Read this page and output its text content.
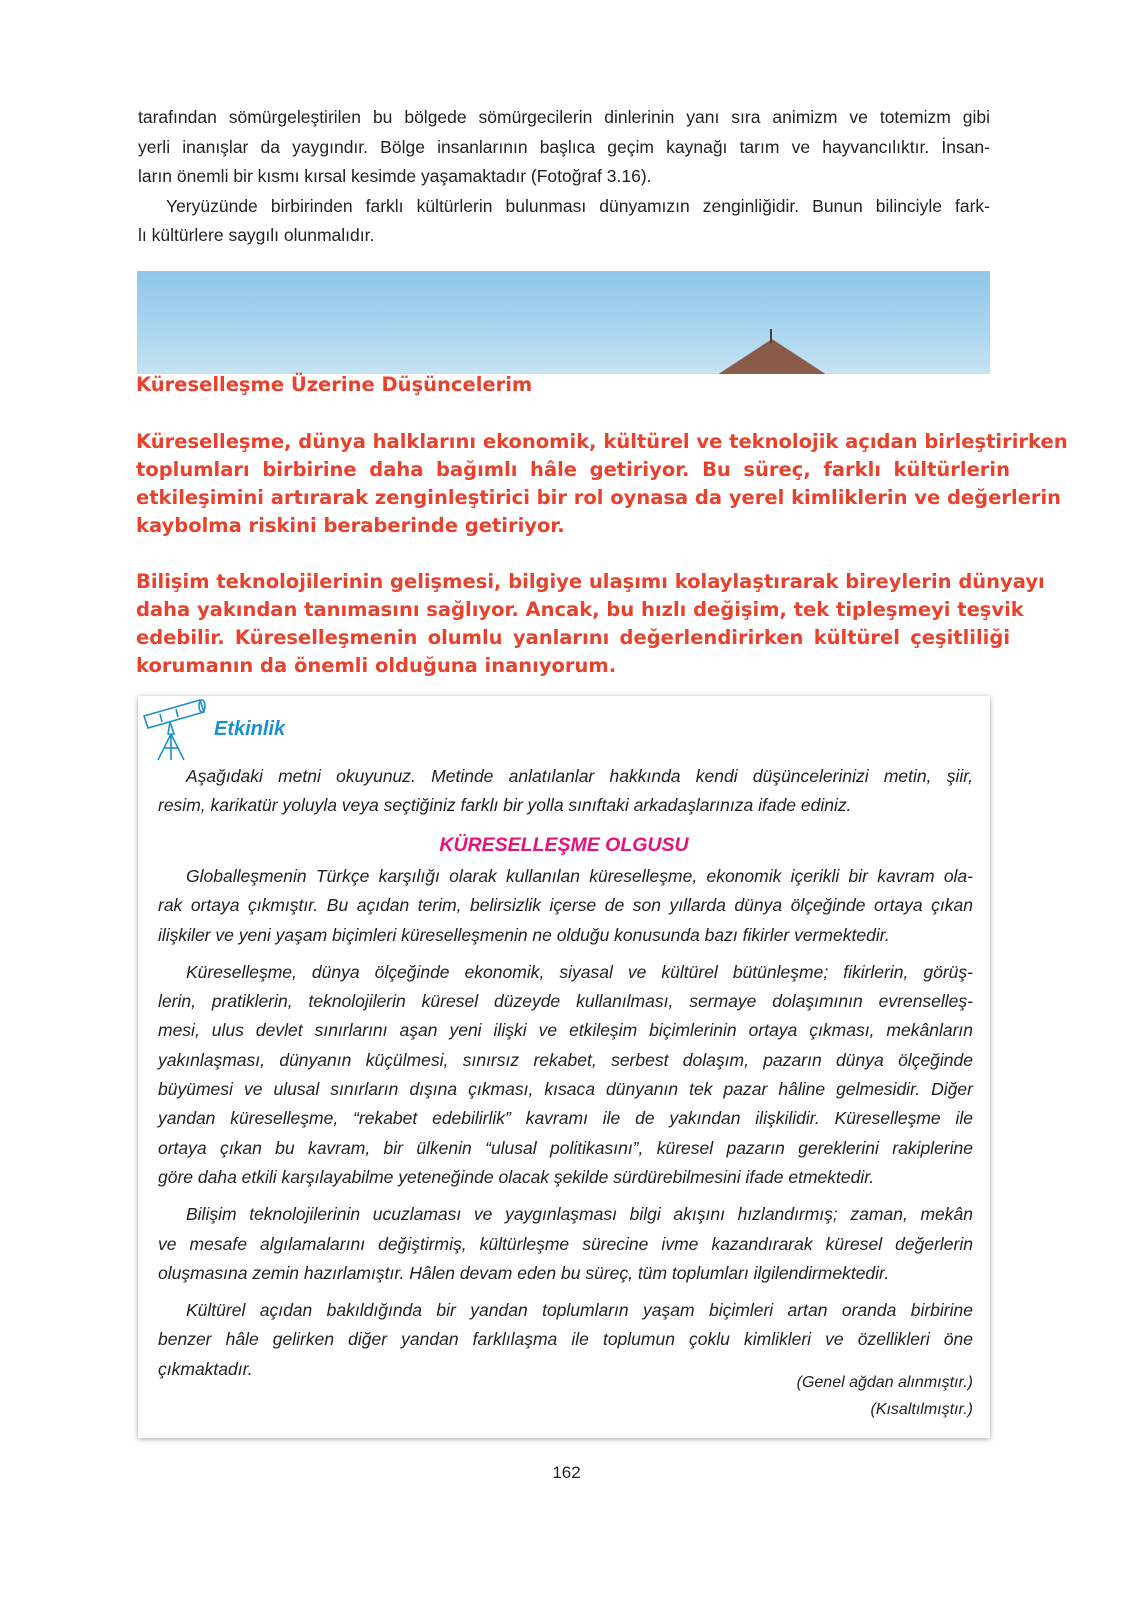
tarafından sömürgeleştirilen bu bölgede sömürgecilerin dinlerinin yanı sıra animizm ve totemizm gibi
yerli inanışlar da yaygındır. Bölge insanlarının başlıca geçim kaynağı tarım ve hayvancılıktır. İnsan-
ların önemli bir kısmı kırsal kesimde yaşamaktadır (Fotoğraf 3.16).
Yeryüzünde birbirinden farklı kültürlerin bulunması dünyamızın zenginliğidir. Bunun bilinciyle fark-
lı kültürlere saygılı olunmalıdır.
Küreselleşme Üzerine Düşüncelerim
Küreselleşme, dünya halklarını ekonomik, kültürel ve teknolojik açıdan birleştirirken
toplumları birbirine daha bağımlı hâle getiriyor. Bu süreç, farklı kültürlerin
etkileşimini artırarak zenginleştirici bir rol oynasa da yerel kimliklerin ve değerlerin
kaybolma riskini beraberinde getiriyor.
Bilişim teknolojilerinin gelişmesi, bilgiye ulaşımı kolaylaştırarak bireylerin dünyayı
daha yakından tanımasını sağlıyor. Ancak, bu hızlı değişim, tek tipleşmeyi teşvik
edebilir. Küreselleşmenin olumlu yanlarını değerlendirirken kültürel çeşitliliği
korumanın da önemli olduğuna inanıyorum.
Etkinlik
Aşağıdaki metni okuyunuz. Metinde anlatılanlar hakkında kendi düşüncelerinizi metin, şiir,
resim, karikatür yoluyla veya seçtiğiniz farklı bir yolla sınıftaki arkadaşlarınıza ifade ediniz.
KÜRESELLEŞME OLGUSU
Globalleşmenin Türkçe karşılığı olarak kullanılan küreselleşme, ekonomik içerikli bir kavram ola-
rak ortaya çıkmıştır. Bu açıdan terim, belirsizlik içerse de son yıllarda dünya ölçeğinde ortaya çıkan
ilişkiler ve yeni yaşam biçimleri küreselleşmenin ne olduğu konusunda bazı fikirler vermektedir.
Küreselleşme, dünya ölçeğinde ekonomik, siyasal ve kültürel bütünleşme; fikirlerin, görüş-
lerin, pratiklerin, teknolojilerin küresel düzeyde kullanılması, sermaye dolaşımının evrenselleş-
mesi, ulus devlet sınırlarını aşan yeni ilişki ve etkileşim biçimlerinin ortaya çıkması, mekânların
yakınlaşması, dünyanın küçülmesi, sınırsız rekabet, serbest dolaşım, pazarın dünya ölçeğinde
büyümesi ve ulusal sınırların dışına çıkması, kısaca dünyanın tek pazar hâline gelmesidir. Diğer
yandan küreselleşme, “rekabet edebilirlik” kavramı ile de yakından ilişkilidir. Küreselleşme ile
ortaya çıkan bu kavram, bir ülkenin “ulusal politikasını”, küresel pazarın gereklerini rakiplerine
göre daha etkili karşılayabilme yeteneğinde olacak şekilde sürdürebilmesini ifade etmektedir.
Bilişim teknolojilerinin ucuzlaması ve yaygınlaşması bilgi akışını hızlandırmış; zaman, mekân
ve mesafe algılamalarını değiştirmiş, kültürleşme sürecine ivme kazandırarak küresel değerlerin
oluşmasına zemin hazırlamıştır. Hâlen devam eden bu süreç, tüm toplumları ilgilendirmektedir.
Kültürel açıdan bakıldığında bir yandan toplumların yaşam biçimleri artan oranda birbirine
benzer hâle gelirken diğer yandan farklılaşma ile toplumun çoklu kimlikleri ve özellikleri öne
çıkmaktadır.
(Genel ağdan alınmıştır.)
(Kısaltılmıştır.)
162
